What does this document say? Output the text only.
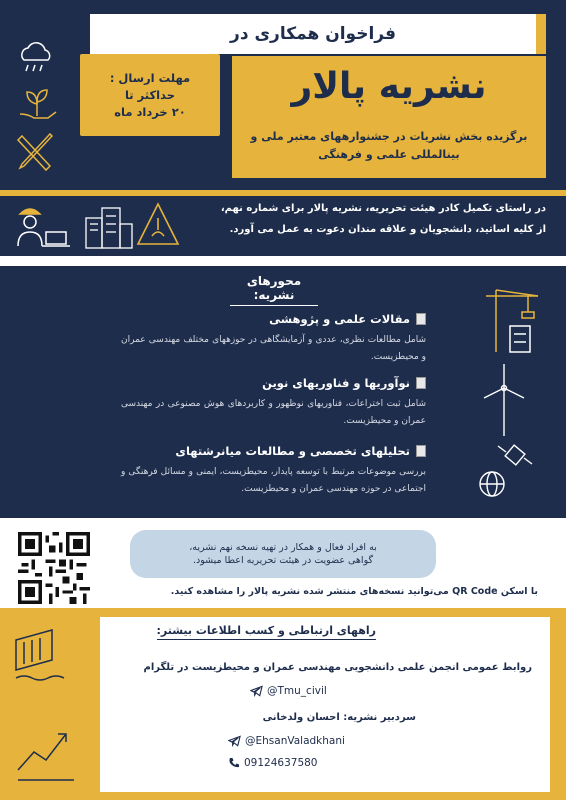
فراخوان همکاری در
نشریه پالار
برگزیده بخش نشریات در جشنوارههای معتبر ملی و
بینالمللی علمی و فرهنگی
مهلت ارسال :
حداکثر تا
۲۰ خرداد ماه
در راستای تکمیل کادر هیئت تحریریه، نشریه پالار برای شماره نهم،
از کلیه اساتید، دانشجویان و علاقه مندان دعوت به عمل می آورد.
محورهای نشریه:
مقالات علمی و پژوهشی
شامل مطالعات نظری، عددی و آزمایشگاهی در حوزههای مختلف مهندسی عمران و محیطزیست.
نوآوریها و فناوریهای نوین
شامل ثبت اختراعات، فناوریهای نوظهور و کاربردهای هوش مصنوعی در مهندسی عمران و محیطزیست.
تحلیلهای تخصصی و مطالعات میانرشتهای
بررسی موضوعات مرتبط با توسعه پایدار، محیطزیست، ایمنی و مسائل فرهنگی و اجتماعی در حوزه مهندسی عمران و محیطزیست.
به افراد فعال و همکار در تهیه نسخه نهم نشریه،
گواهی عضویت در هیئت تحریریه اعطا میشود.
با اسکن QR Code می‌توانید نسخه‌های منتشر شده نشریه پالار را مشاهده کنید.
راههای ارتباطی و کسب اطلاعات بیشتر:
روابط عمومی انجمن علمی دانشجویی مهندسی عمران و محیطزیست در تلگرام
@Tmu_civil
سردبیر نشریه: احسان ولدخانی
@EhsanValadkhani
09124637580
